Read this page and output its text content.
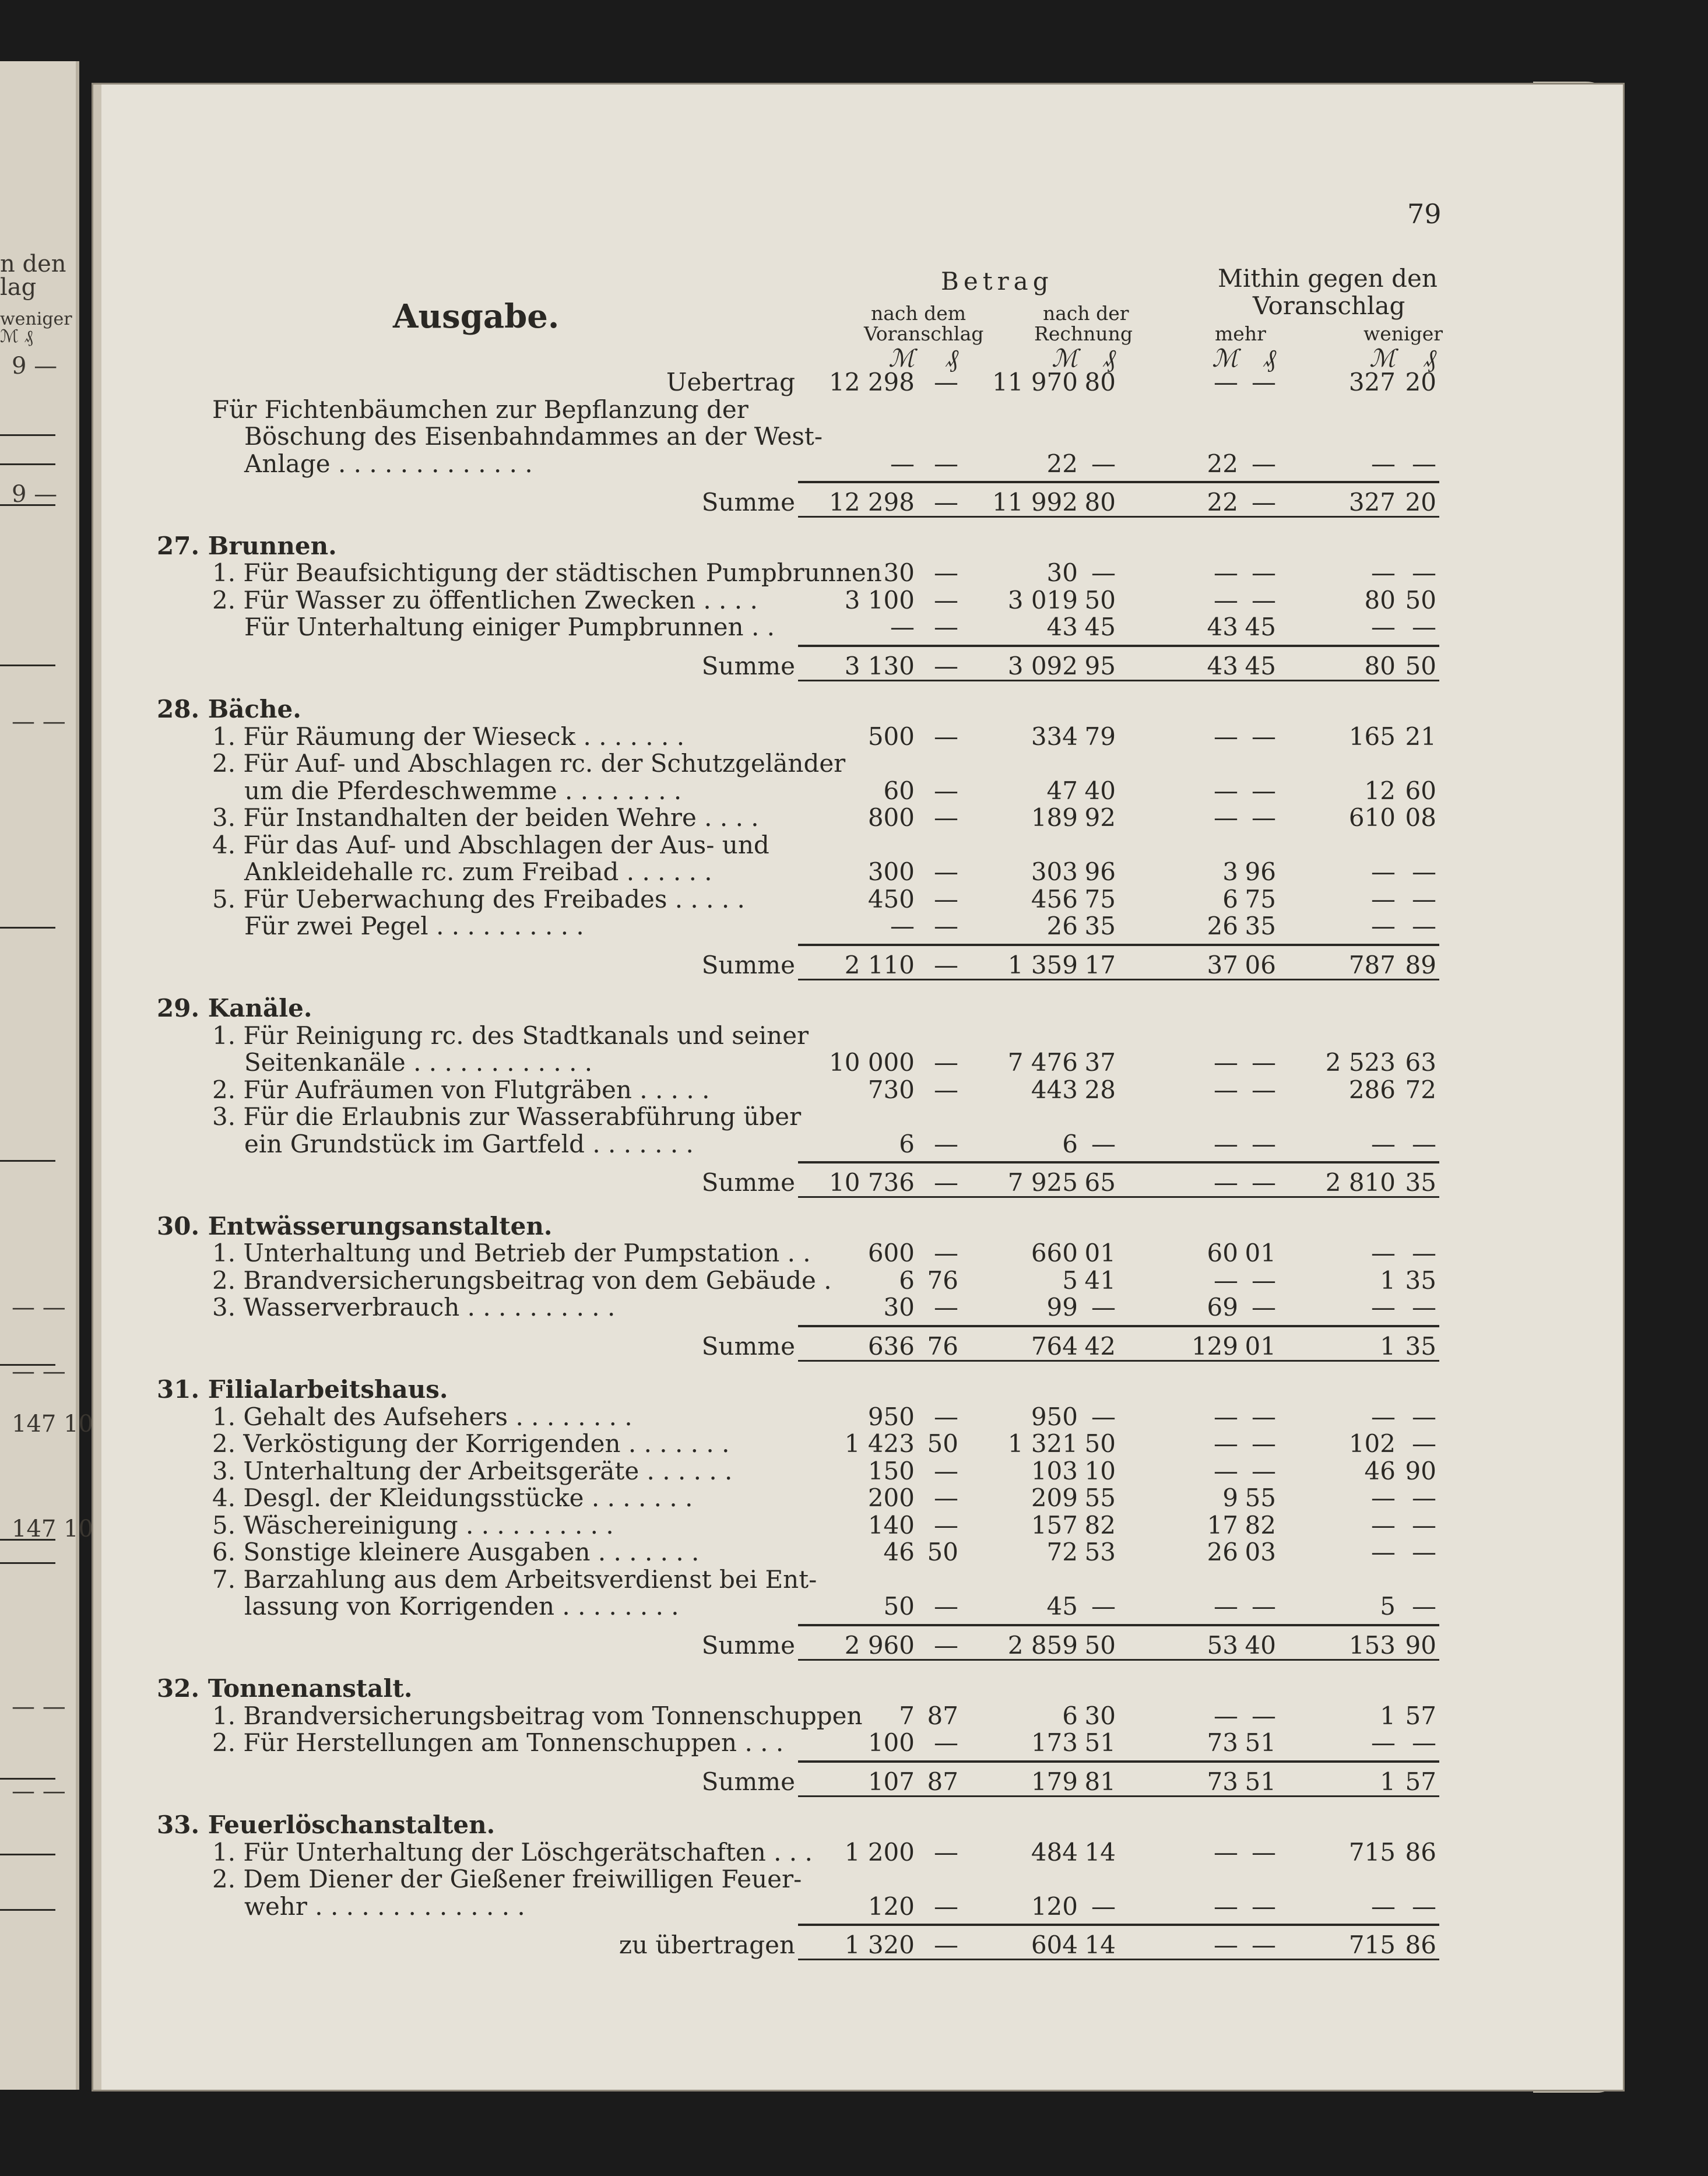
n den
lag
weniger
ℳ ₰
9 —
9 —
— —
— —
— —
147 10
147 10
— —
— —
79
Ausgabe.
Betrag
nach dem
Voranschlag
nach der
Rechnung
Mithin gegen den
Voranschlag
mehr	weniger
ℳ	₰	ℳ	₰	ℳ	₰	ℳ	₰
Uebertrag	12 298 —	11 970 80	— —	327 20
Für Fichtenbäumchen zur Bepflanzung der
Böschung des Eisenbahndammes an der West-
Anlage . . . . . . . . . . . . .	— —	22 —	22 —	— —
Summe	12 298 —	11 992 80	22 —	327 20
27. Brunnen.
1. Für Beaufsichtigung der städtischen Pumpbrunnen 30 —	30 —	— —	— —
2. Für Wasser zu öffentlichen Zwecken . . . .	3 100 —	3 019 50	— —	80 50
Für Unterhaltung einiger Pumpbrunnen . .	— —	43 45	43 45	— —
Summe	3 130 —	3 092 95	43 45	80 50
28. Bäche.
1. Für Räumung der Wieseck . . . . . . .	500 —	334 79	— —	165 21
2. Für Auf- und Abschlagen rc. der Schutzgeländer
um die Pferdeschwemme . . . . . . . .	60 —	47 40	— —	12 60
3. Für Instandhalten der beiden Wehre . . . .	800 —	189 92	— —	610 08
4. Für das Auf- und Abschlagen der Aus- und
Ankleidehalle rc. zum Freibad . . . . . .	300 —	303 96	3 96	— —
5. Für Ueberwachung des Freibades . . . . .	450 —	456 75	6 75	— —
Für zwei Pegel . . . . . . . . . .	— —	26 35	26 35	— —
Summe	2 110 —	1 359 17	37 06	787 89
29. Kanäle.
1. Für Reinigung rc. des Stadtkanals und seiner
Seitenkanäle . . . . . . . . . . . .	10 000 —	7 476 37	— —	2 523 63
2. Für Aufräumen von Flutgräben . . . . .	730 —	443 28	— —	286 72
3. Für die Erlaubnis zur Wasserabführung über
ein Grundstück im Gartfeld . . . . . . .	6 —	6 —	— —	— —
Summe	10 736 —	7 925 65	— —	2 810 35
30. Entwässerungsanstalten.
1. Unterhaltung und Betrieb der Pumpstation . .	600 —	660 01	60 01	— —
2. Brandversicherungsbeitrag von dem Gebäude .	6 76	5 41	— —	1 35
3. Wasserverbrauch . . . . . . . . . .	30 —	99 —	69 —	— —
Summe	636 76	764 42	129 01	1 35
31. Filialarbeitshaus.
1. Gehalt des Aufsehers . . . . . . . .	950 —	950 —	— —	— —
2. Verköstigung der Korrigenden . . . . . . .	1 423 50	1 321 50	— —	102 —
3. Unterhaltung der Arbeitsgeräte . . . . . .	150 —	103 10	— —	46 90
4. Desgl. der Kleidungsstücke . . . . . . .	200 —	209 55	9 55	— —
5. Wäschereinigung . . . . . . . . . .	140 —	157 82	17 82	— —
6. Sonstige kleinere Ausgaben . . . . . . .	46 50	72 53	26 03	— —
7. Barzahlung aus dem Arbeitsverdienst bei Ent-
lassung von Korrigenden . . . . . . . .	50 —	45 —	— —	5 —
Summe	2 960 —	2 859 50	53 40	153 90
32. Tonnenanstalt.
1. Brandversicherungsbeitrag vom Tonnenschuppen	7 87	6 30	— —	1 57
2. Für Herstellungen am Tonnenschuppen . . .	100 —	173 51	73 51	— —
Summe	107 87	179 81	73 51	1 57
33. Feuerlöschanstalten.
1. Für Unterhaltung der Löschgerätschaften . . .	1 200 —	484 14	— —	715 86
2. Dem Diener der Gießener freiwilligen Feuer-
wehr . . . . . . . . . . . . . .	120 —	120 —	— —	— —
zu übertragen	1 320 —	604 14	— —	715 86
